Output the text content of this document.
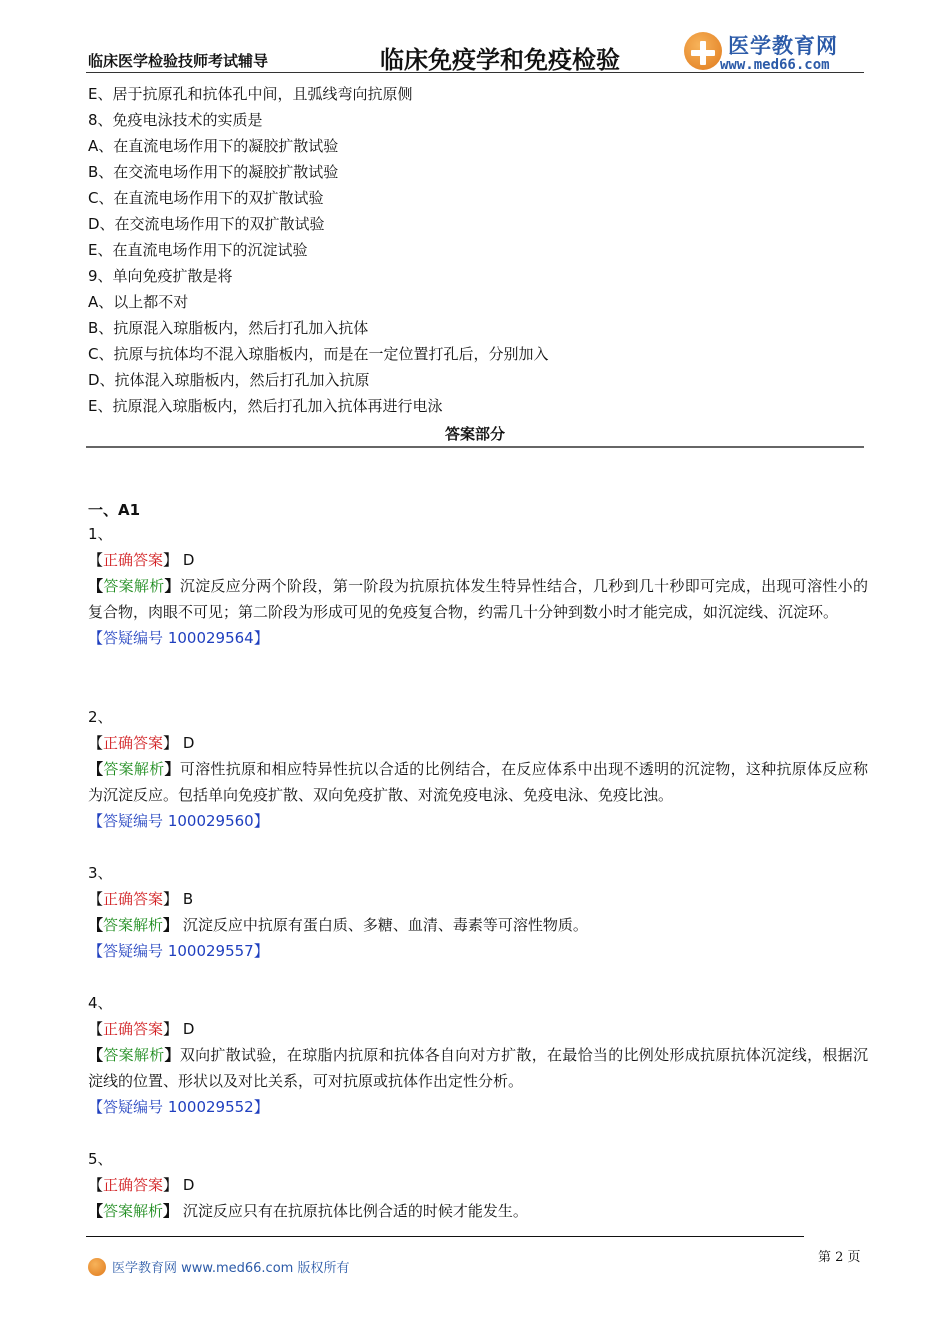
临床医学检验技师考试辅导	临床免疫学和免疫检验	医学教育网
www.med66.com
E、居于抗原孔和抗体孔中间，且弧线弯向抗原侧
8、免疫电泳技术的实质是
A、在直流电场作用下的凝胶扩散试验
B、在交流电场作用下的凝胶扩散试验
C、在直流电场作用下的双扩散试验
D、在交流电场作用下的双扩散试验
E、在直流电场作用下的沉淀试验
9、单向免疫扩散是将
A、以上都不对
B、抗原混入琼脂板内，然后打孔加入抗体
C、抗原与抗体均不混入琼脂板内，而是在一定位置打孔后，分别加入
D、抗体混入琼脂板内，然后打孔加入抗原
E、抗原混入琼脂板内，然后打孔加入抗体再进行电泳
答案部分
一、A1
1、
【正确答案】 D
【答案解析】沉淀反应分两个阶段，第一阶段为抗原抗体发生特异性结合，几秒到几十秒即可完成，出现可溶性小的复合物，肉眼不可见；第二阶段为形成可见的免疫复合物，约需几十分钟到数小时才能完成，如沉淀线、沉淀环。
【答疑编号 100029564】
2、
【正确答案】 D
【答案解析】可溶性抗原和相应特异性抗以合适的比例结合，在反应体系中出现不透明的沉淀物，这种抗原体反应称为沉淀反应。包括单向免疫扩散、双向免疫扩散、对流免疫电泳、免疫电泳、免疫比浊。
【答疑编号 100029560】
3、
【正确答案】 B
【答案解析】 沉淀反应中抗原有蛋白质、多糖、血清、毒素等可溶性物质。
【答疑编号 100029557】
4、
【正确答案】 D
【答案解析】双向扩散试验，在琼脂内抗原和抗体各自向对方扩散，在最恰当的比例处形成抗原抗体沉淀线，根据沉淀线的位置、形状以及对比关系，可对抗原或抗体作出定性分析。
【答疑编号 100029552】
5、
【正确答案】 D
【答案解析】 沉淀反应只有在抗原抗体比例合适的时候才能发生。
医学教育网 www.med66.com 版权所有
第 2 页
